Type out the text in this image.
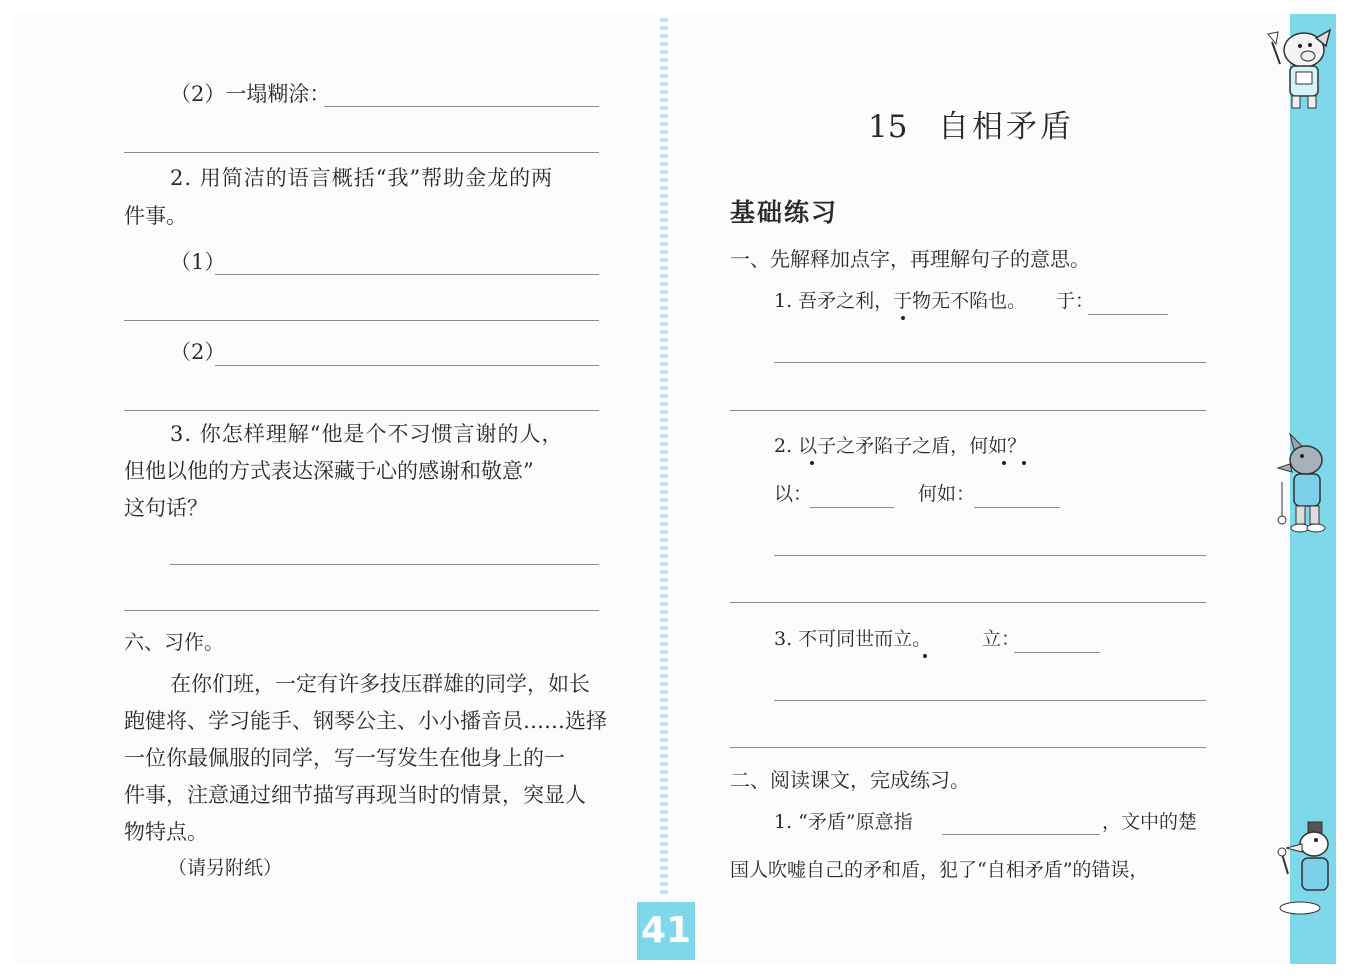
（2）一塌糊涂：
2. 用简洁的语言概括“我”帮助金龙的两
件事。
（1）
（2）
3. 你怎样理解“他是个不习惯言谢的人，
但他以他的方式表达深藏于心的感谢和敬意”
这句话？
六、习作。
在你们班，一定有许多技压群雄的同学，如长
跑健将、学习能手、钢琴公主、小小播音员……选择
一位你最佩服的同学，写一写发生在他身上的一
件事，注意通过细节描写再现当时的情景，突显人
物特点。
（请另附纸）
15 自相矛盾
基础练习
一、先解释加点字，再理解句子的意思。
1. 吾矛之利，于物无不陷也。 于：
2. 以子之矛陷子之盾，何如？
以：	何如：
3. 不可同世而立。	立：
二、阅读课文，完成练习。
1. “矛盾”原意指	，文中的楚
国人吹嘘自己的矛和盾，犯了“自相矛盾”的错误，
41
